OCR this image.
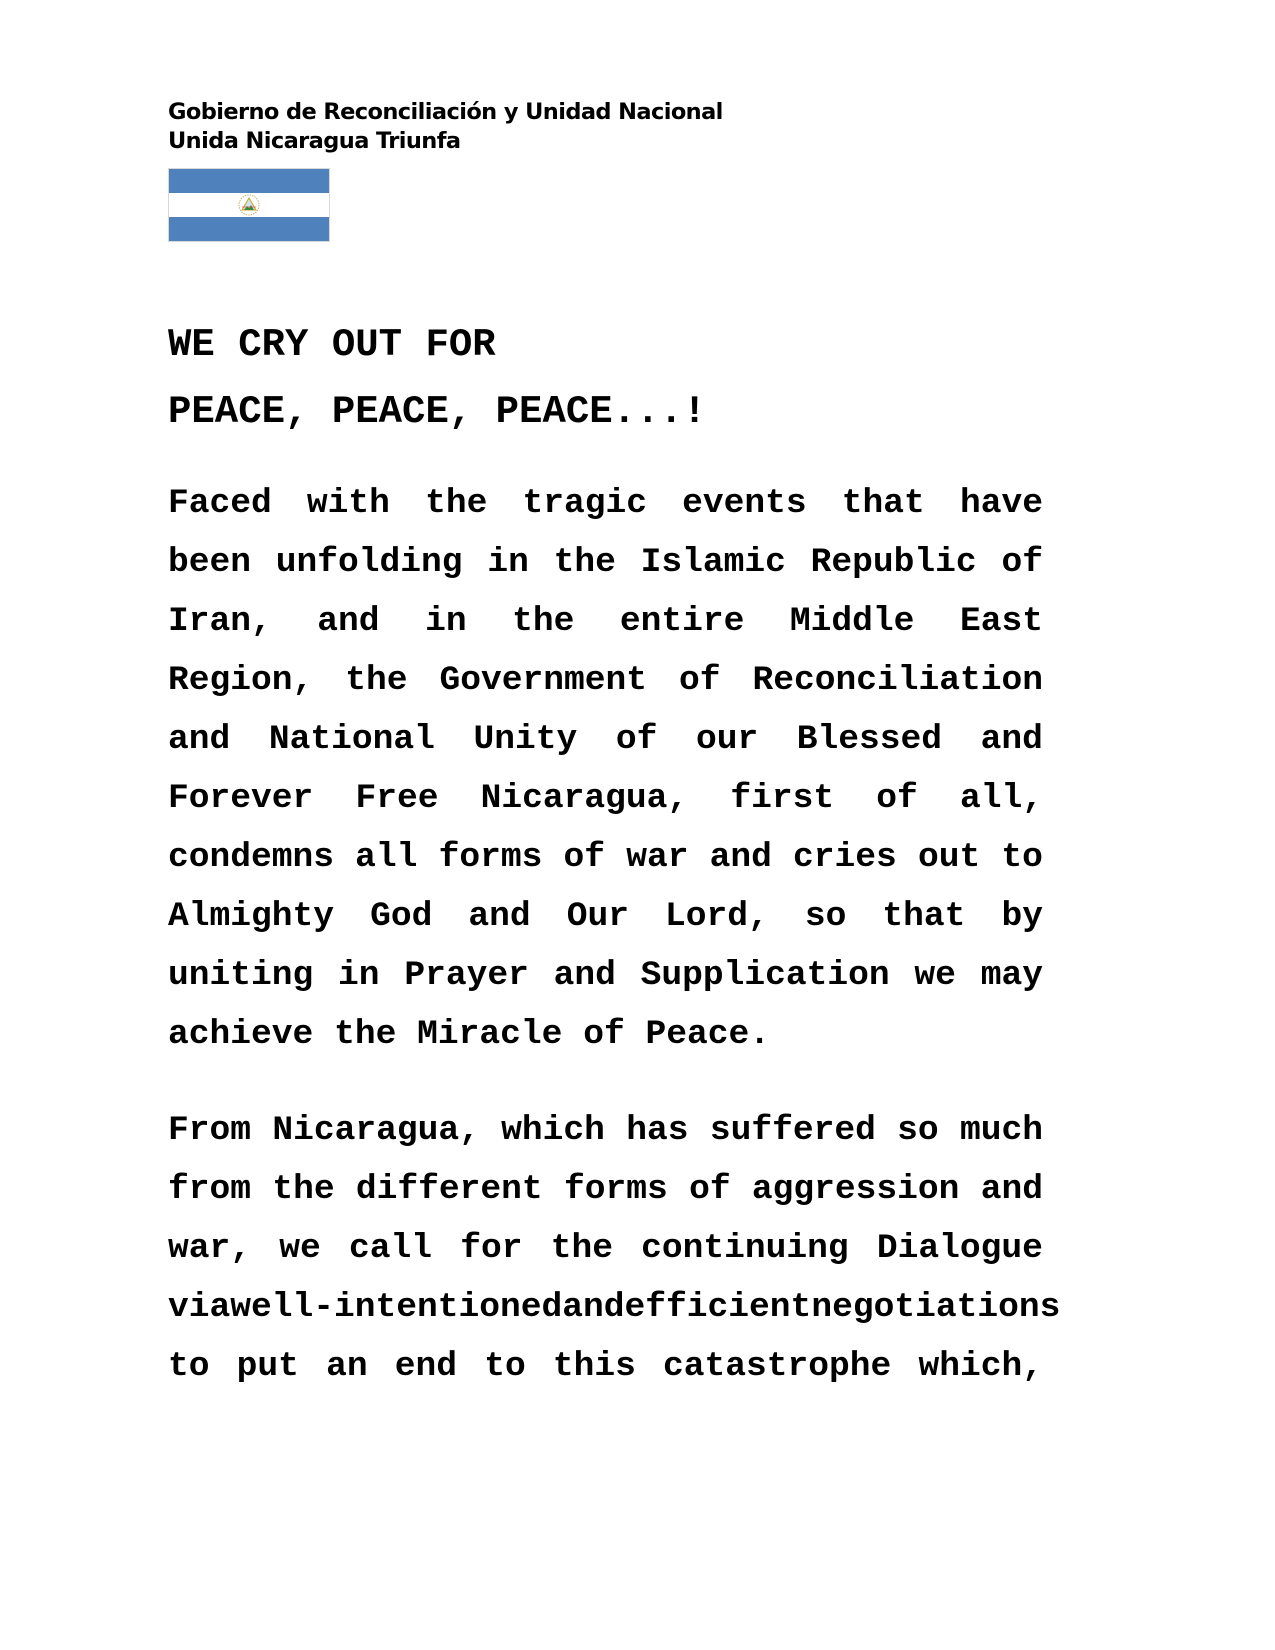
Gobierno de Reconciliación y Unidad Nacional
Unida Nicaragua Triunfa
WE CRY OUT FOR
PEACE, PEACE, PEACE...!
Faced with the tragic events that have
been unfolding in the Islamic Republic of
Iran, and in the entire Middle East
Region, the Government of Reconciliation
and National Unity of our Blessed and
Forever Free Nicaragua, first of all,
condemns all forms of war and cries out to
Almighty God and Our Lord, so that by
uniting in Prayer and Supplication we may
achieve the Miracle of Peace.
From Nicaragua, which has suffered so much
from the different forms of aggression and
war, we call for the continuing Dialogue
via well-intentioned and efficient negotiations
to put an end to this catastrophe which,
